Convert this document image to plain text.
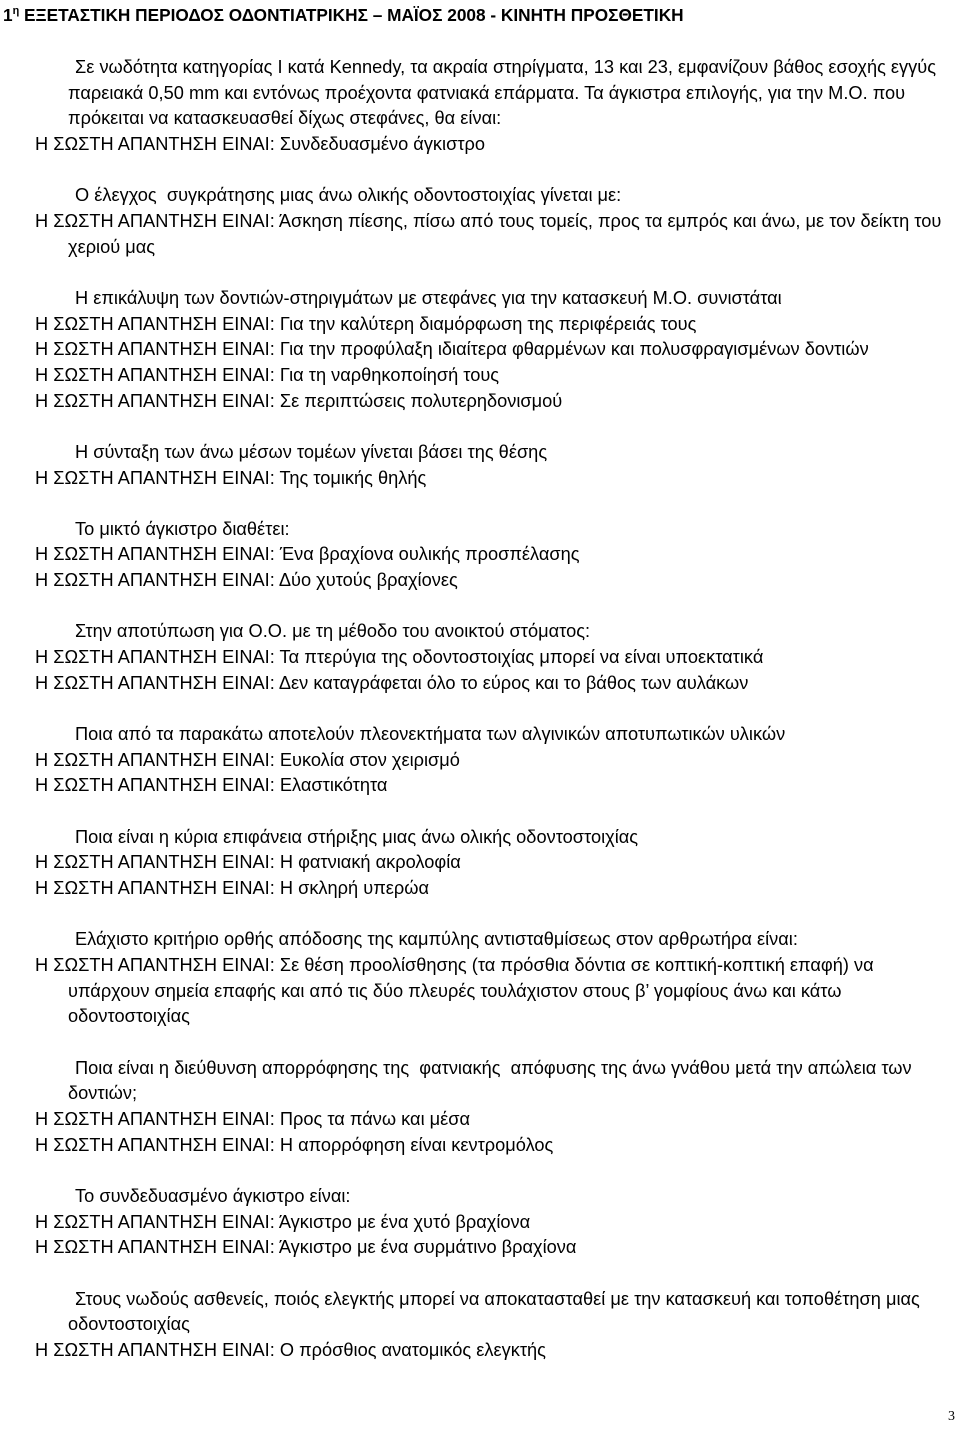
$1^\eta$ ΕΞΕΤΑΣΤΙΚΗ ΠΕΡΙΟΔΟΣ ΟΔΟΝΤΙΑΤΡΙΚΗΣ – ΜΑΪΟΣ 2008 - ΚΙΝΗΤΗ ΠΡΟΣΘΕΤΙΚΗ
Σε νωδότητα κατηγορίας I κατά Kennedy, τα ακραία στηρίγματα, 13 και 23, εμφανίζουν βάθος εσοχής εγγύς
παρειακά 0,50 mm και εντόνως προέχοντα φατνιακά επάρματα. Τα άγκιστρα επιλογής, για την Μ.Ο. που
πρόκειται να κατασκευασθεί δίχως στεφάνες, θα είναι:
Η ΣΩΣΤΗ ΑΠΑΝΤΗΣΗ ΕΙΝΑΙ: Συνδεδυασμένο άγκιστρο
Ο έλεγχος  συγκράτησης μιας άνω ολικής οδοντοστοιχίας γίνεται με:
Η ΣΩΣΤΗ ΑΠΑΝΤΗΣΗ ΕΙΝΑΙ: Άσκηση πίεσης, πίσω από τους τομείς, προς τα εμπρός και άνω, με τον δείκτη του
χεριού μας
Η επικάλυψη των δοντιών-στηριγμάτων με στεφάνες για την κατασκευή Μ.Ο. συνιστάται
Η ΣΩΣΤΗ ΑΠΑΝΤΗΣΗ ΕΙΝΑΙ: Για την καλύτερη διαμόρφωση της περιφέρειάς τους
Η ΣΩΣΤΗ ΑΠΑΝΤΗΣΗ ΕΙΝΑΙ: Για την προφύλαξη ιδιαίτερα φθαρμένων και πολυσφραγισμένων δοντιών
Η ΣΩΣΤΗ ΑΠΑΝΤΗΣΗ ΕΙΝΑΙ: Για τη ναρθηκοποίησή τους
Η ΣΩΣΤΗ ΑΠΑΝΤΗΣΗ ΕΙΝΑΙ: Σε περιπτώσεις πολυτερηδονισμού
Η σύνταξη των άνω μέσων τομέων γίνεται βάσει της θέσης
Η ΣΩΣΤΗ ΑΠΑΝΤΗΣΗ ΕΙΝΑΙ: Της τομικής θηλής
Το μικτό άγκιστρο διαθέτει:
Η ΣΩΣΤΗ ΑΠΑΝΤΗΣΗ ΕΙΝΑΙ: Ένα βραχίονα ουλικής προσπέλασης
Η ΣΩΣΤΗ ΑΠΑΝΤΗΣΗ ΕΙΝΑΙ: Δύο χυτούς βραχίονες
Στην αποτύπωση για Ο.Ο. με τη μέθοδο του ανοικτού στόματος:
Η ΣΩΣΤΗ ΑΠΑΝΤΗΣΗ ΕΙΝΑΙ: Τα πτερύγια της οδοντοστοιχίας μπορεί να είναι υποεκτατικά
Η ΣΩΣΤΗ ΑΠΑΝΤΗΣΗ ΕΙΝΑΙ: Δεν καταγράφεται όλο το εύρος και το βάθος των αυλάκων
Ποια από τα παρακάτω αποτελούν πλεονεκτήματα των αλγινικών αποτυπωτικών υλικών
Η ΣΩΣΤΗ ΑΠΑΝΤΗΣΗ ΕΙΝΑΙ: Ευκολία στον χειρισμό
Η ΣΩΣΤΗ ΑΠΑΝΤΗΣΗ ΕΙΝΑΙ: Ελαστικότητα
Ποια είναι η κύρια επιφάνεια στήριξης μιας άνω ολικής οδοντοστοιχίας
Η ΣΩΣΤΗ ΑΠΑΝΤΗΣΗ ΕΙΝΑΙ: Η φατνιακή ακρολοφία
Η ΣΩΣΤΗ ΑΠΑΝΤΗΣΗ ΕΙΝΑΙ: Η σκληρή υπερώα
Ελάχιστο κριτήριο ορθής απόδοσης της καμπύλης αντισταθμίσεως στον αρθρωτήρα είναι:
Η ΣΩΣΤΗ ΑΠΑΝΤΗΣΗ ΕΙΝΑΙ: Σε θέση προολίσθησης (τα πρόσθια δόντια σε κοπτική-κοπτική επαφή) να
υπάρχουν σημεία επαφής και από τις δύο πλευρές τουλάχιστον στους β’ γομφίους άνω και κάτω
οδοντοστοιχίας
Ποια είναι η διεύθυνση απορρόφησης της  φατνιακής  απόφυσης της άνω γνάθου μετά την απώλεια των
δοντιών;
Η ΣΩΣΤΗ ΑΠΑΝΤΗΣΗ ΕΙΝΑΙ: Προς τα πάνω και μέσα
Η ΣΩΣΤΗ ΑΠΑΝΤΗΣΗ ΕΙΝΑΙ: Η απορρόφηση είναι κεντρομόλος
Το συνδεδυασμένο άγκιστρο είναι:
Η ΣΩΣΤΗ ΑΠΑΝΤΗΣΗ ΕΙΝΑΙ: Άγκιστρο με ένα χυτό βραχίονα
Η ΣΩΣΤΗ ΑΠΑΝΤΗΣΗ ΕΙΝΑΙ: Άγκιστρο με ένα συρμάτινο βραχίονα
Στους νωδούς ασθενείς, ποιός ελεγκτής μπορεί να αποκατασταθεί με την κατασκευή και τοποθέτηση μιας
οδοντοστοιχίας
Η ΣΩΣΤΗ ΑΠΑΝΤΗΣΗ ΕΙΝΑΙ: Ο πρόσθιος ανατομικός ελεγκτής
3
